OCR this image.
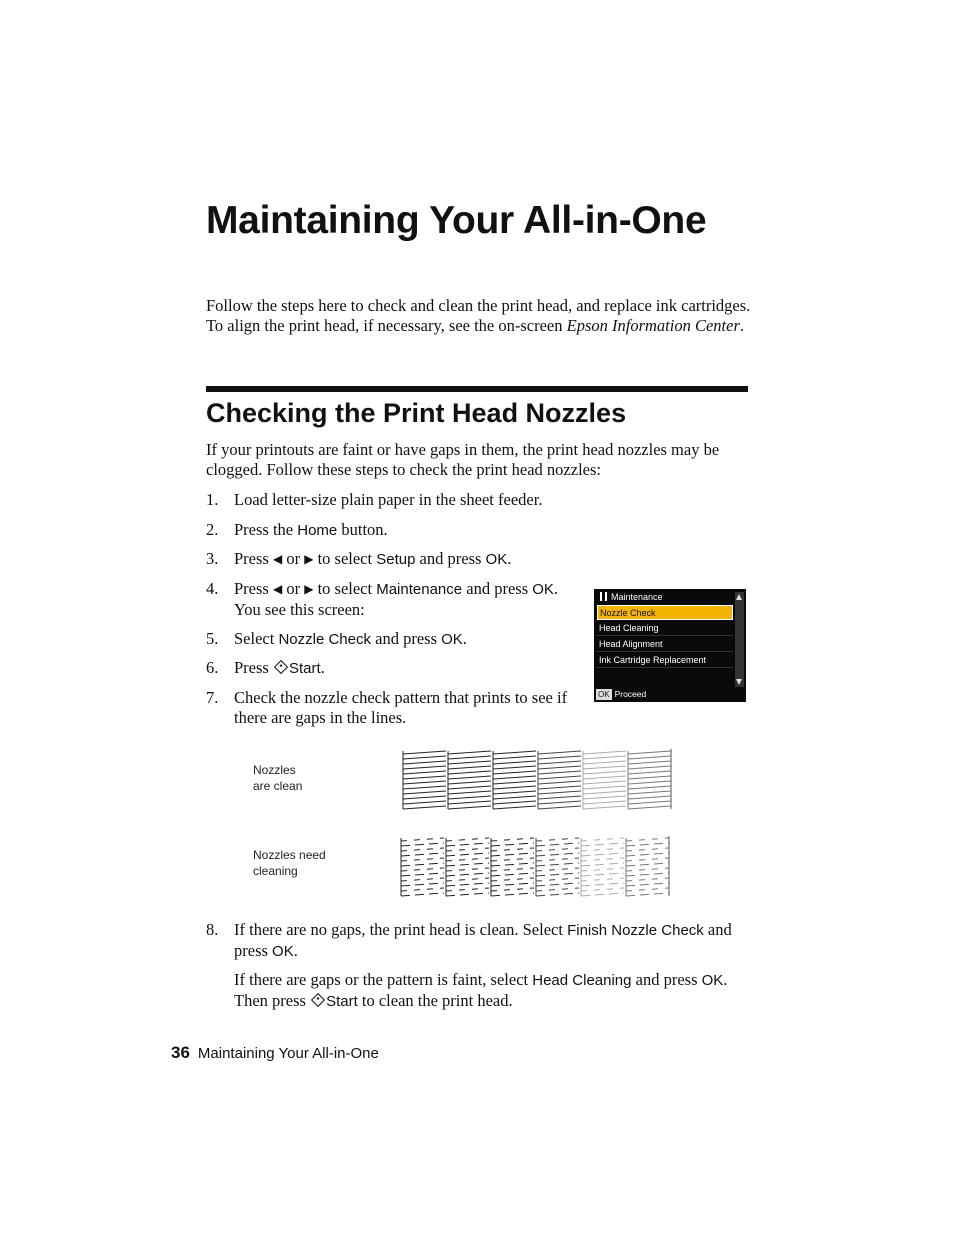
Maintaining Your All-in-One
Follow the steps here to check and clean the print head, and replace ink cartridges. To align the print head, if necessary, see the on-screen Epson Information Center.
Checking the Print Head Nozzles
If your printouts are faint or have gaps in them, the print head nozzles may be clogged. Follow these steps to check the print head nozzles:
1. Load letter-size plain paper in the sheet feeder.
2. Press the Home button.
3. Press ◀ or ▶ to select Setup and press OK.
4. Press ◀ or ▶ to select Maintenance and press OK.
You see this screen:
5. Select Nozzle Check and press OK.
6. Press Start.
7. Check the nozzle check pattern that prints to see if
there are gaps in the lines.
Maintenance
Nozzle Check
Head Cleaning
Head Alignment
Ink Cartridge Replacement
OK Proceed
Nozzles
are clean
Nozzles need
cleaning
8. If there are no gaps, the print head is clean. Select Finish Nozzle Check and
press OK.
If there are gaps or the pattern is faint, select Head Cleaning and press OK.
Then press Start to clean the print head.
36 Maintaining Your All-in-One
